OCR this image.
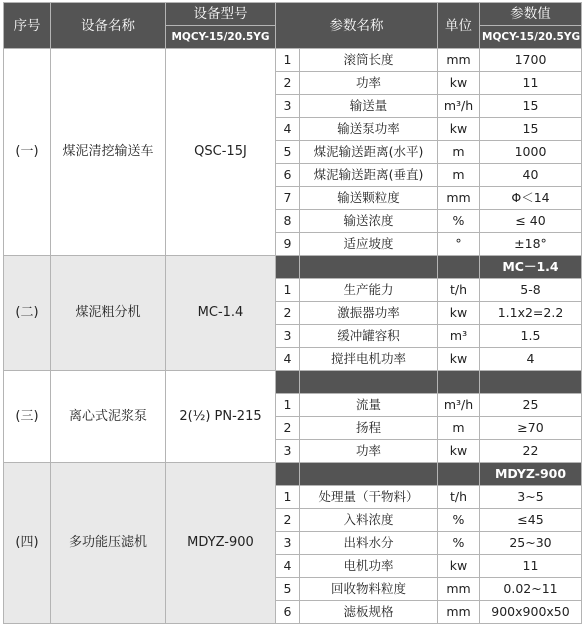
序号	设备名称	设备型号	参数名称		单位	参数值
		MQCY-15/20.5YG				MQCY-15/20.5YG
(一)	煤泥清挖输送车	QSC-15J	1	滚筒长度	mm	1700
			2	功率	kw	11
			3	输送量	m³/h	15
			4	输送泵功率	kw	15
			5	煤泥输送距离(水平)	m	1000
			6	煤泥输送距离(垂直)	m	40
			7	输送颗粒度	mm	Φ＜14
			8	输送浓度	%	≤ 40
			9	适应坡度	°	±18°
(二)	煤泥粗分机	MC-1.4				MC－1.4
			1	生产能力	t/h	5-8
			2	激振器功率	kw	1.1x2=2.2
			3	缓冲罐容积	m³	1.5
			4	搅拌电机功率	kw	4
(三)	离心式泥浆泵	2(½) PN-215				
			1	流量	m³/h	25
			2	扬程	m	≥70
			3	功率	kw	22
(四)	多功能压滤机	MDYZ-900				MDYZ-900
			1	处理量（干物料）	t/h	3~5
			2	入料浓度	%	≤45
			3	出料水分	%	25~30
			4	电机功率	kw	11
			5	回收物料粒度	mm	0.02~11
			6	滤板规格	mm	900x900x50
